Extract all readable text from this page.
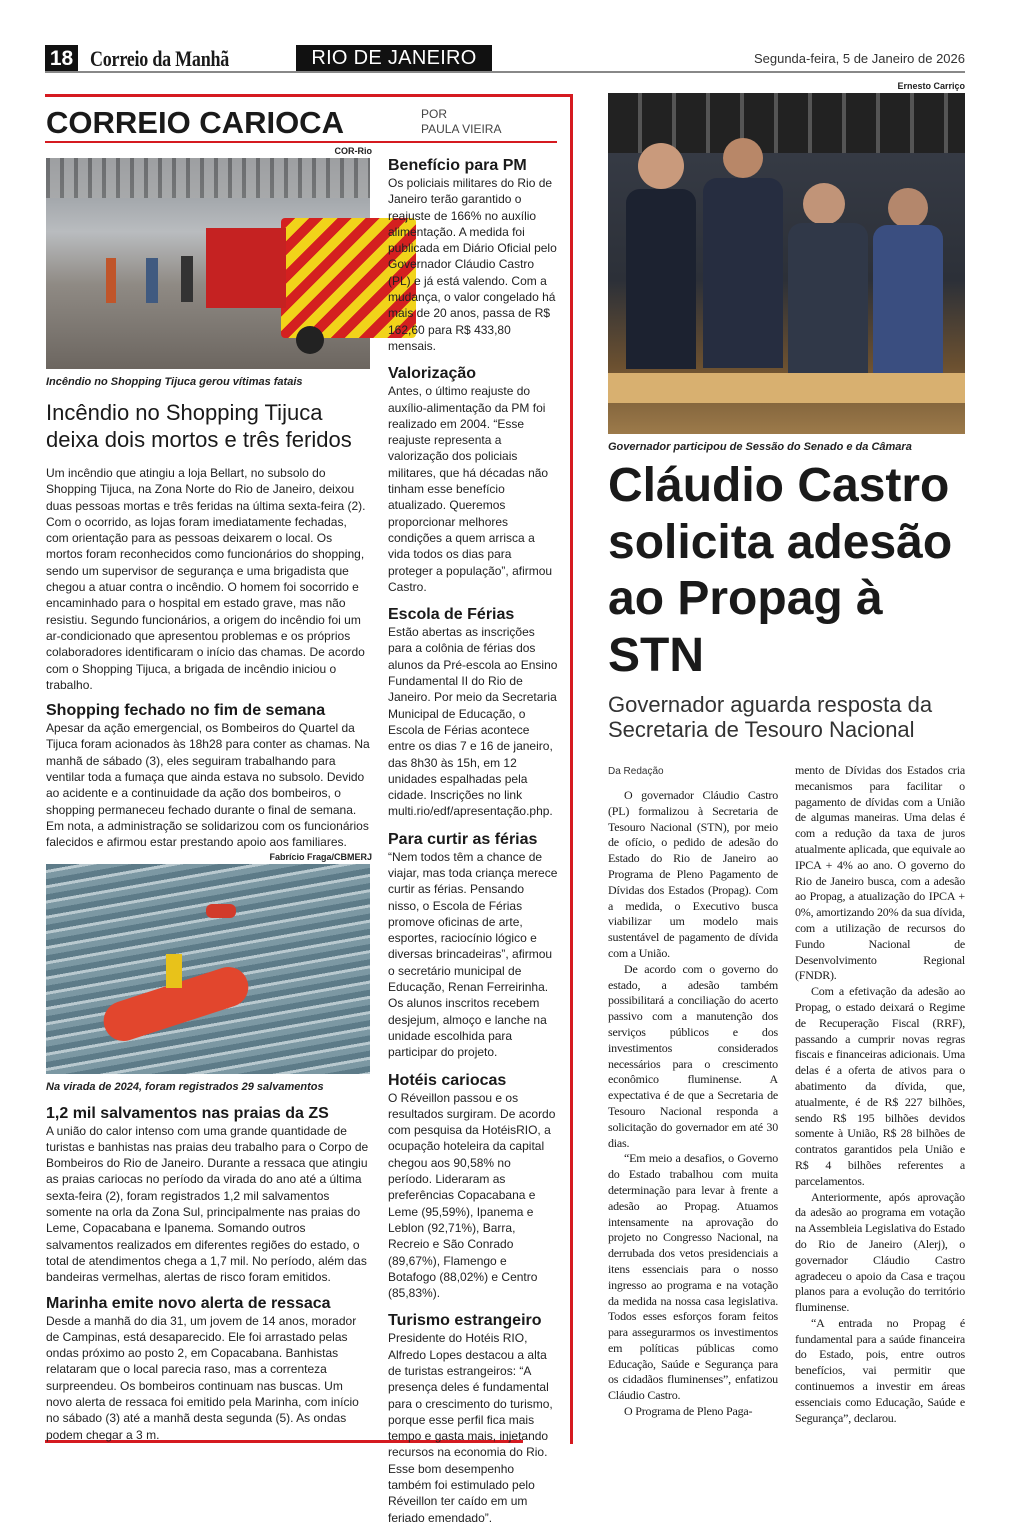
18 Correio da Manhã	RIO DE JANEIRO	Segunda-feira, 5 de Janeiro de 2026
CORREIO CARIOCA	POR
PAULA VIEIRA
COR-Rio
Incêndio no Shopping Tijuca gerou vítimas fatais
Incêndio no Shopping Tijuca deixa dois mortos e três feridos
Um incêndio que atingiu a loja Bellart, no subsolo do Shopping Tijuca, na Zona Norte do Rio de Janeiro, deixou duas pessoas mortas e três feridas na última sexta-feira (2). Com o ocorrido, as lojas foram imediatamente fechadas, com orientação para as pessoas deixarem o local. Os mortos foram reconhecidos como funcionários do shopping, sendo um supervisor de segurança e uma brigadista que chegou a atuar contra o incêndio. O homem foi socorrido e encaminhado para o hospital em estado grave, mas não resistiu. Segundo funcionários, a origem do incêndio foi um ar-condicionado que apresentou problemas e os próprios colaboradores identificaram o início das chamas. De acordo com o Shopping Tijuca, a brigada de incêndio iniciou o trabalho.
Shopping fechado no fim de semana
Apesar da ação emergencial, os Bombeiros do Quartel da Tijuca foram acionados às 18h28 para conter as chamas. Na manhã de sábado (3), eles seguiram trabalhando para ventilar toda a fumaça que ainda estava no subsolo. Devido ao acidente e a continuidade da ação dos bombeiros, o shopping permaneceu fechado durante o final de semana. Em nota, a administração se solidarizou com os funcionários falecidos e afirmou estar prestando apoio aos familiares.
Fabrício Fraga/CBMERJ
Na virada de 2024, foram registrados 29 salvamentos
1,2 mil salvamentos nas praias da ZS
A união do calor intenso com uma grande quantidade de turistas e banhistas nas praias deu trabalho para o Corpo de Bombeiros do Rio de Janeiro. Durante a ressaca que atingiu as praias cariocas no período da virada do ano até a última sexta-feira (2), foram registrados 1,2 mil salvamentos somente na orla da Zona Sul, principalmente nas praias do Leme, Copacabana e Ipanema. Somando outros salvamentos realizados em diferentes regiões do estado, o total de atendimentos chega a 1,7 mil. No período, além das bandeiras vermelhas, alertas de risco foram emitidos.
Marinha emite novo alerta de ressaca
Desde a manhã do dia 31, um jovem de 14 anos, morador de Campinas, está desaparecido. Ele foi arrastado pelas ondas próximo ao posto 2, em Copacabana. Banhistas relataram que o local parecia raso, mas a correnteza surpreendeu. Os bombeiros continuam nas buscas. Um novo alerta de ressaca foi emitido pela Marinha, com início no sábado (3) até a manhã desta segunda (5). As ondas podem chegar a 3 m.
Benefício para PM
Os policiais militares do Rio de Janeiro terão garantido o reajuste de 166% no auxílio alimentação. A medida foi publicada em Diário Oficial pelo Governador Cláudio Castro (PL) e já está valendo. Com a mudança, o valor congelado há mais de 20 anos, passa de R$ 162,60 para R$ 433,80 mensais.
Valorização
Antes, o último reajuste do auxílio-alimentação da PM foi realizado em 2004. “Esse reajuste representa a valorização dos policiais militares, que há décadas não tinham esse benefício atualizado. Queremos proporcionar melhores condições a quem arrisca a vida todos os dias para proteger a população”, afirmou Castro.
Escola de Férias
Estão abertas as inscrições para a colônia de férias dos alunos da Pré-escola ao Ensino Fundamental II do Rio de Janeiro. Por meio da Secretaria Municipal de Educação, o Escola de Férias acontece entre os dias 7 e 16 de janeiro, das 8h30 às 15h, em 12 unidades espalhadas pela cidade. Inscrições no link multi.rio/edf/apresentação.php.
Para curtir as férias
“Nem todos têm a chance de viajar, mas toda criança merece curtir as férias. Pensando nisso, o Escola de Férias promove oficinas de arte, esportes, raciocínio lógico e diversas brincadeiras”, afirmou o secretário municipal de Educação, Renan Ferreirinha. Os alunos inscritos recebem desjejum, almoço e lanche na unidade escolhida para participar do projeto.
Hotéis cariocas
O Réveillon passou e os resultados surgiram. De acordo com pesquisa da HotéisRIO, a ocupação hoteleira da capital chegou aos 90,58% no período. Lideraram as preferências Copacabana e Leme (95,59%), Ipanema e Leblon (92,71%), Barra, Recreio e São Conrado (89,67%), Flamengo e Botafogo (88,02%) e Centro (85,83%).
Turismo estrangeiro
Presidente do Hotéis RIO, Alfredo Lopes destacou a alta de turistas estrangeiros: “A presença deles é fundamental para o crescimento do turismo, porque esse perfil fica mais tempo e gasta mais, injetando recursos na economia do Rio. Esse bom desempenho também foi estimulado pelo Réveillon ter caído em um feriado emendado”.
Ernesto Carriço
Governador participou de Sessão do Senado e da Câmara
Cláudio Castro solicita adesão ao Propag à STN
Governador aguarda resposta da Secretaria de Tesouro Nacional
Da Redação

O governador Cláudio Castro (PL) formalizou à Secretaria de Tesouro Nacional (STN), por meio de ofício, o pedido de adesão do Estado do Rio de Janeiro ao Programa de Pleno Pagamento de Dívidas dos Estados (Propag). Com a medida, o Executivo busca viabilizar um modelo mais sustentável de pagamento de dívida com a União.

De acordo com o governo do estado, a adesão também possibilitará a conciliação do acerto passivo com a manutenção dos serviços públicos e dos investimentos considerados necessários para o crescimento econômico fluminense. A expectativa é de que a Secretaria de Tesouro Nacional responda a solicitação do governador em até 30 dias.

“Em meio a desafios, o Governo do Estado trabalhou com muita determinação para levar à frente a adesão ao Propag. Atuamos intensamente na aprovação do projeto no Congresso Nacional, na derrubada dos vetos presidenciais a itens essenciais para o nosso ingresso ao programa e na votação da medida na nossa casa legislativa. Todos esses esforços foram feitos para assegurarmos os investimentos em políticas públicas como Educação, Saúde e Segurança para os cidadãos fluminenses”, enfatizou Cláudio Castro.

O Programa de Pleno Paga-

mento de Dívidas dos Estados cria mecanismos para facilitar o pagamento de dívidas com a União de algumas maneiras. Uma delas é com a redução da taxa de juros atualmente aplicada, que equivale ao IPCA + 4% ao ano. O governo do Rio de Janeiro busca, com a adesão ao Propag, a atualização do IPCA + 0%, amortizando 20% da sua dívida, com a utilização de recursos do Fundo Nacional de Desenvolvimento Regional (FNDR).

Com a efetivação da adesão ao Propag, o estado deixará o Regime de Recuperação Fiscal (RRF), passando a cumprir novas regras fiscais e financeiras adicionais. Uma delas é a oferta de ativos para o abatimento da dívida, que, atualmente, é de R$ 227 bilhões, sendo R$ 195 bilhões devidos somente à União, R$ 28 bilhões de contratos garantidos pela União e R$ 4 bilhões referentes a parcelamentos.

Anteriormente, após aprovação da adesão ao programa em votação na Assembleia Legislativa do Estado do Rio de Janeiro (Alerj), o governador Cláudio Castro agradeceu o apoio da Casa e traçou planos para a evolução do território fluminense.

“A entrada no Propag é fundamental para a saúde financeira do Estado, pois, entre outros benefícios, vai permitir que continuemos a investir em áreas essenciais como Educação, Saúde e Segurança”, declarou.
